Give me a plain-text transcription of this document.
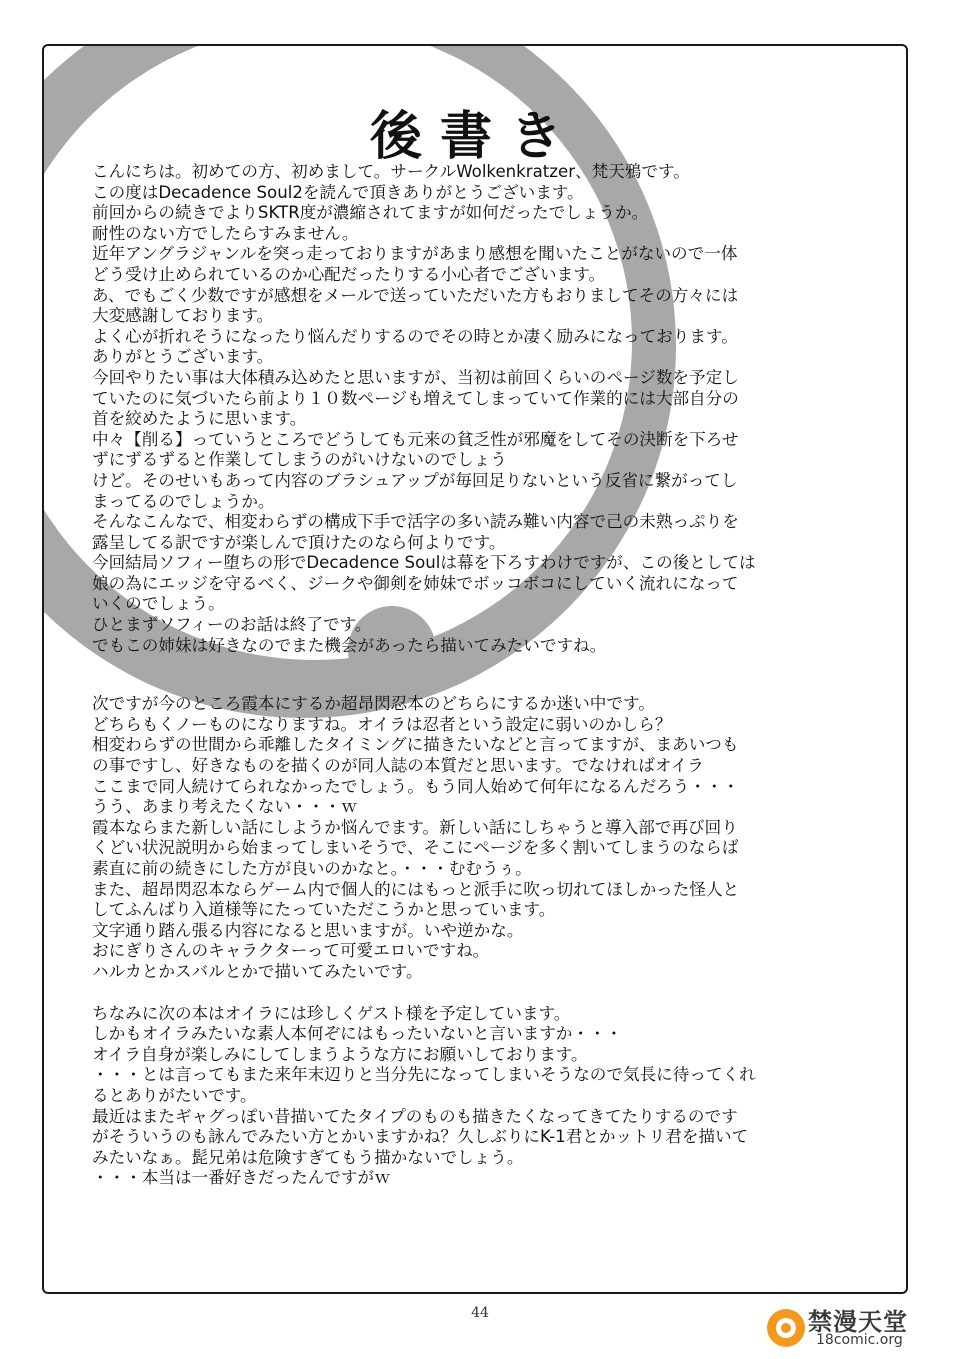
後書き
こんにちは。初めての方、初めまして。サークルWolkenkratzer、梵天鴉です。
この度はDecadence Soul2を読んで頂きありがとうございます。
前回からの続きでよりSKTR度が濃縮されてますが如何だったでしょうか。
耐性のない方でしたらすみません。
近年アングラジャンルを突っ走っておりますがあまり感想を聞いたことがないので一体
どう受け止められているのか心配だったりする小心者でございます。
あ、でもごく少数ですが感想をメールで送っていただいた方もおりましてその方々には
大変感謝しております。
よく心が折れそうになったり悩んだりするのでその時とか凄く励みになっております。
ありがとうございます。
今回やりたい事は大体積み込めたと思いますが、当初は前回くらいのページ数を予定し
ていたのに気づいたら前より１０数ページも増えてしまっていて作業的には大部自分の
首を絞めたように思います。
中々【削る】っていうところでどうしても元来の貧乏性が邪魔をしてその決断を下ろせ
ずにずるずると作業してしまうのがいけないのでしょう
けど。そのせいもあって内容のブラシュアップが毎回足りないという反省に繋がってし
まってるのでしょうか。
そんなこんなで、相変わらずの構成下手で活字の多い読み難い内容で己の未熟っぷりを
露呈してる訳ですが楽しんで頂けたのなら何よりです。
今回結局ソフィー堕ちの形でDecadence Soulは幕を下ろすわけですが、この後としては
娘の為にエッジを守るべく、ジークや御剣を姉妹でボッコボコにしていく流れになって
いくのでしょう。
ひとまずソフィーのお話は終了です。
でもこの姉妹は好きなのでまた機会があったら描いてみたいですね。
次ですが今のところ霞本にするか超昂閃忍本のどちらにするか迷い中です。
どちらもくノーものになりますね。オイラは忍者という設定に弱いのかしら？
相変わらずの世間から乖離したタイミングに描きたいなどと言ってますが、まあいつも
の事ですし、好きなものを描くのが同人誌の本質だと思います。でなければオイラ
ここまで同人続けてられなかったでしょう。もう同人始めて何年になるんだろう・・・
うう、あまり考えたくない・・・ｗ
霞本ならまた新しい話にしようか悩んでます。新しい話にしちゃうと導入部で再び回り
くどい状況説明から始まってしまいそうで、そこにページを多く割いてしまうのならば
素直に前の続きにした方が良いのかなと。・・・むむうぅ。
また、超昂閃忍本ならゲーム内で個人的にはもっと派手に吹っ切れてほしかった怪人と
してふんばり入道様等にたっていただこうかと思っています。
文字通り踏ん張る内容になると思いますが。いや逆かな。
おにぎりさんのキャラクターって可愛エロいですね。
ハルカとかスバルとかで描いてみたいです。
ちなみに次の本はオイラには珍しくゲスト様を予定しています。
しかもオイラみたいな素人本何ぞにはもったいないと言いますか・・・
オイラ自身が楽しみにしてしまうような方にお願いしております。
・・・とは言ってもまた来年末辺りと当分先になってしまいそうなので気長に待ってくれ
るとありがたいです。
最近はまたギャグっぽい昔描いてたタイプのものも描きたくなってきてたりするのです
がそういうのも詠んでみたい方とかいますかね？久しぶりにK-1君とかットリ君を描いて
みたいなぁ。髭兄弟は危険すぎてもう描かないでしょう。
・・・本当は一番好きだったんですがｗ
44	禁漫天堂
18comic.org
